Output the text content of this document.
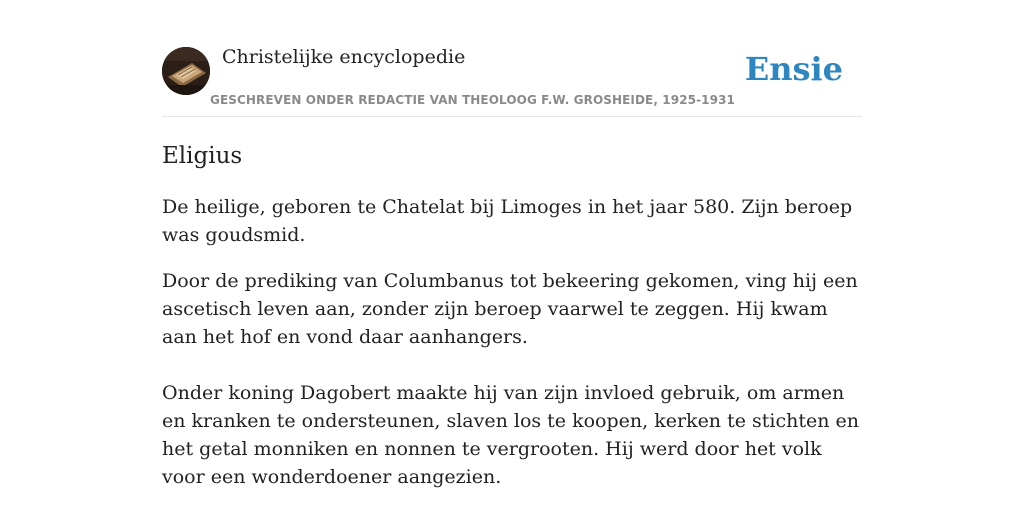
Christelijke encyclopedie
GESCHREVEN ONDER REDACTIE VAN THEOLOOG F.W. GROSHEIDE, 1925-1931
Ensie
Eligius

De heilige, geboren te Chatelat bij Limoges in het jaar 580. Zijn beroep was goudsmid.

Door de prediking van Columbanus tot bekeering gekomen, ving hij een ascetisch leven aan, zonder zijn beroep vaarwel te zeggen. Hij kwam aan het hof en vond daar aanhangers.

Onder koning Dagobert maakte hij van zijn invloed gebruik, om armen en kranken te ondersteunen, slaven los te koopen, kerken te stichten en het getal monniken en nonnen te vergrooten. Hij werd door het volk voor een wonderdoener aangezien.
